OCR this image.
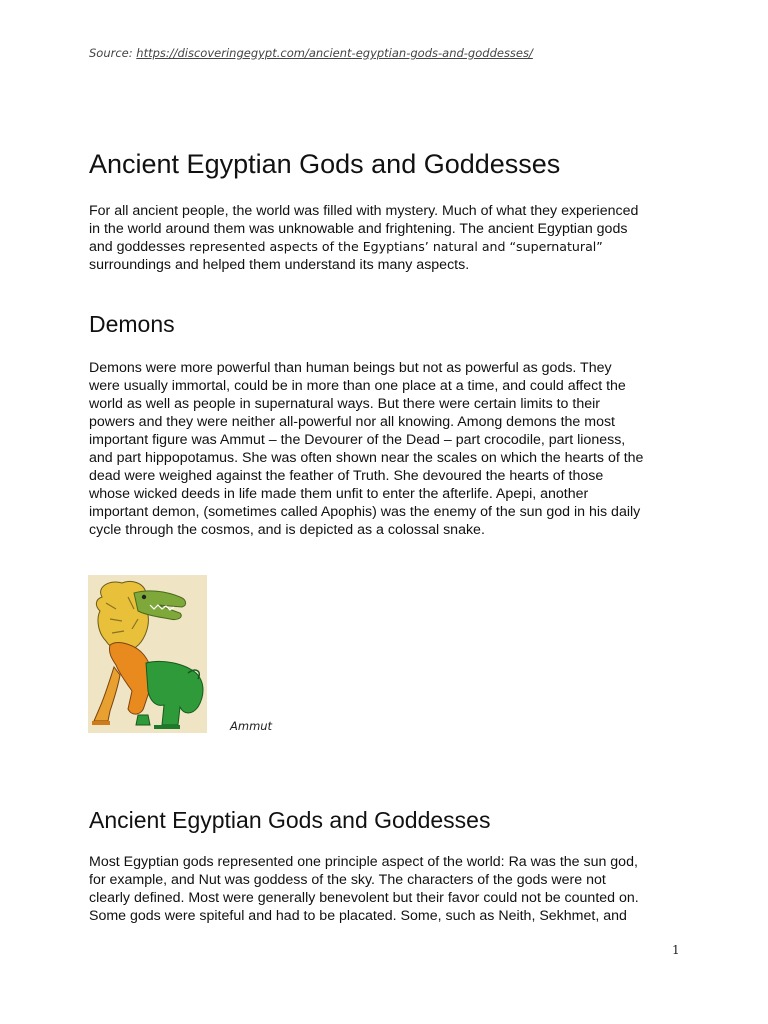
Source: https://discoveringegypt.com/ancient-egyptian-gods-and-goddesses/
Ancient Egyptian Gods and Goddesses

For all ancient people, the world was filled with mystery. Much of what they experienced
in the world around them was unknowable and frightening. The ancient Egyptian gods
and goddesses represented aspects of the Egyptians’ natural and “supernatural”
surroundings and helped them understand its many aspects.

Demons

Demons were more powerful than human beings but not as powerful as gods. They
were usually immortal, could be in more than one place at a time, and could affect the
world as well as people in supernatural ways. But there were certain limits to their
powers and they were neither all-powerful nor all knowing. Among demons the most
important figure was Ammut – the Devourer of the Dead – part crocodile, part lioness,
and part hippopotamus. She was often shown near the scales on which the hearts of the
dead were weighed against the feather of Truth. She devoured the hearts of those
whose wicked deeds in life made them unfit to enter the afterlife. Apepi, another
important demon, (sometimes called Apophis) was the enemy of the sun god in his daily
cycle through the cosmos, and is depicted as a colossal snake.

Ammut
Ancient Egyptian Gods and Goddesses

Most Egyptian gods represented one principle aspect of the world: Ra was the sun god,
for example, and Nut was goddess of the sky. The characters of the gods were not
clearly defined. Most were generally benevolent but their favor could not be counted on.
Some gods were spiteful and had to be placated. Some, such as Neith, Sekhmet, and

1
